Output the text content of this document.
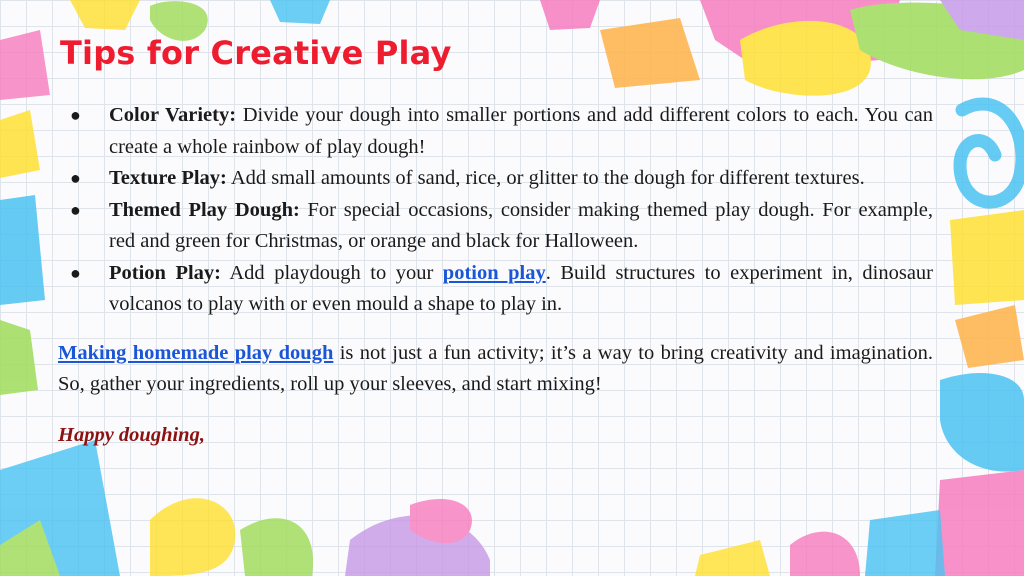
Tips for Creative Play
● Color Variety: Divide your dough into smaller portions and add different colors to each. You can create a whole rainbow of play dough!
● Texture Play: Add small amounts of sand, rice, or glitter to the dough for different textures.
● Themed Play Dough: For special occasions, consider making themed play dough. For example, red and green for Christmas, or orange and black for Halloween.
● Potion Play: Add playdough to your potion play. Build structures to experiment in, dinosaur volcanos to play with or even mould a shape to play in.

Making homemade play dough is not just a fun activity; it’s a way to bring creativity and imagination. So, gather your ingredients, roll up your sleeves, and start mixing!

Happy doughing,
